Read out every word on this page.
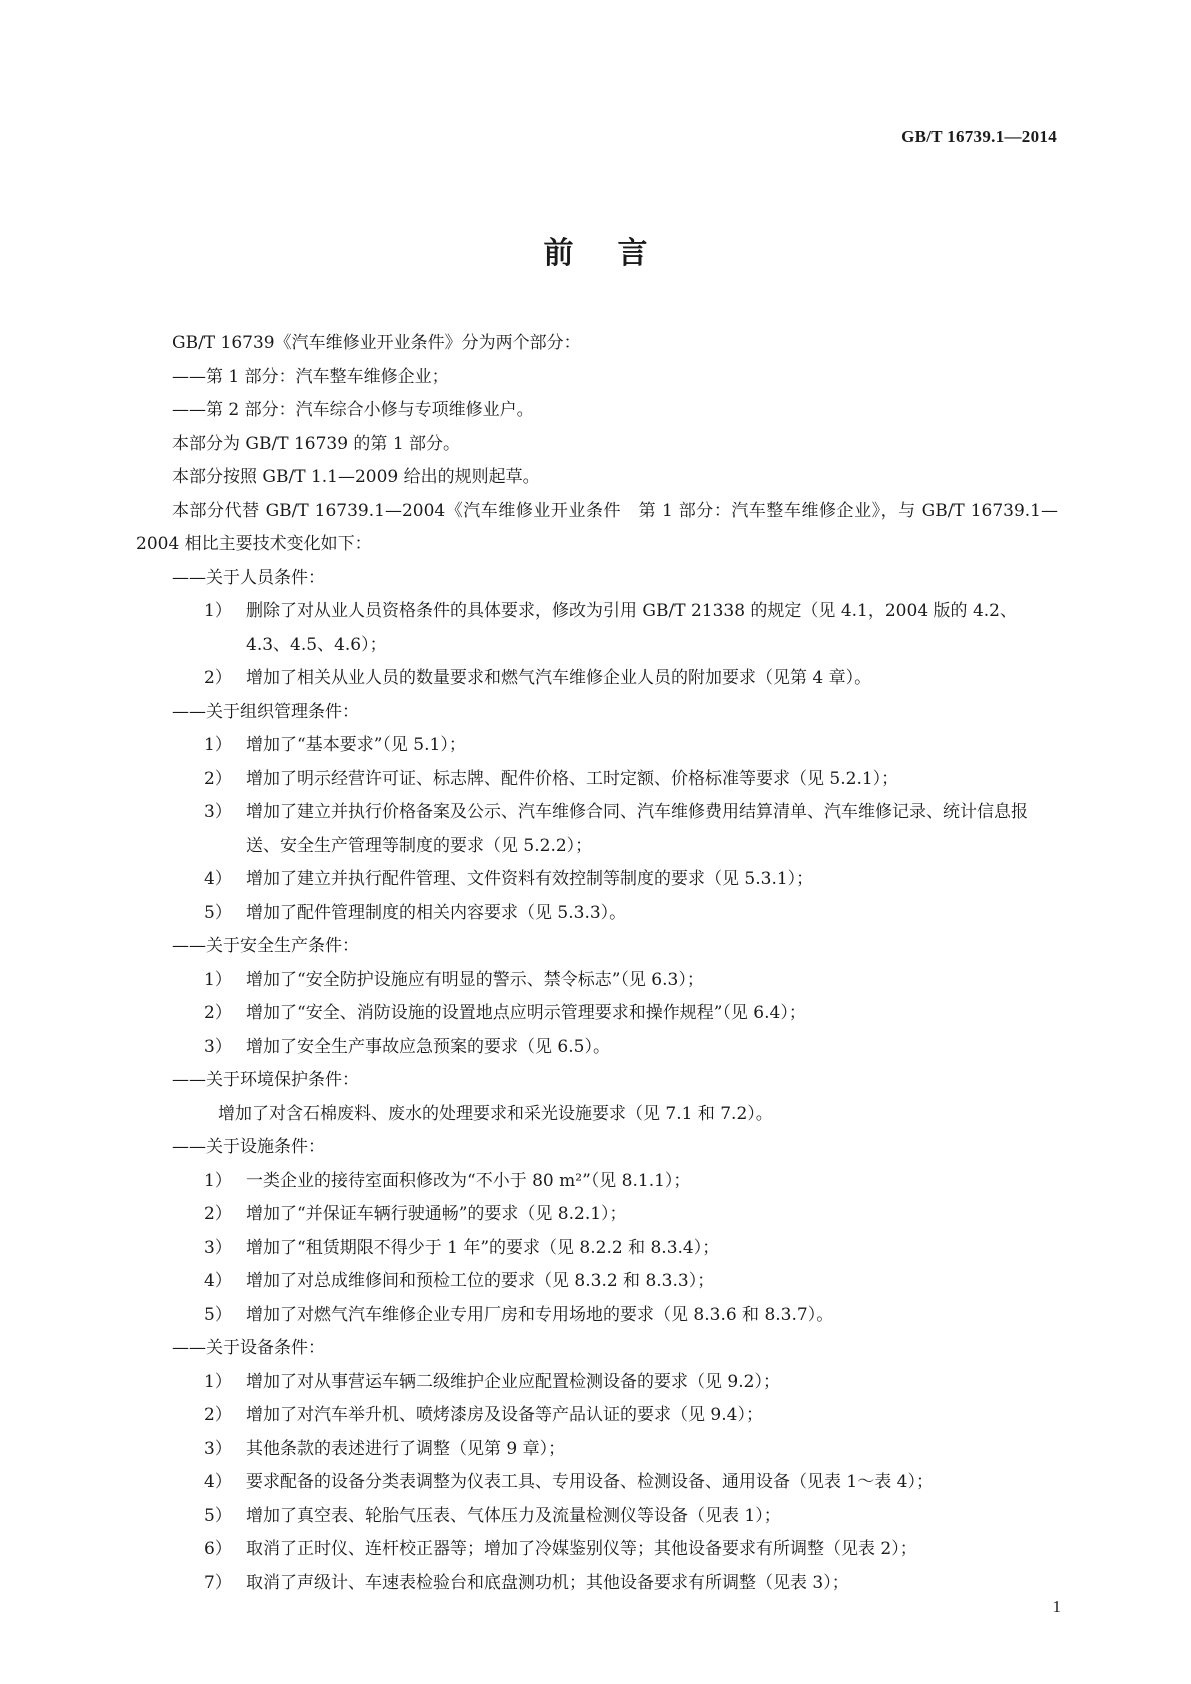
GB/T 16739.1—2014
前言

GB/T 16739《汽车维修业开业条件》分为两个部分：

——第 1 部分：汽车整车维修企业；

——第 2 部分：汽车综合小修与专项维修业户。

本部分为 GB/T 16739 的第 1 部分。

本部分按照 GB/T 1.1—2009 给出的规则起草。

本部分代替 GB/T 16739.1—2004《汽车维修业开业条件　第 1 部分：汽车整车维修企业》，与 GB/T 16739.1—2004 相比主要技术变化如下：

——关于人员条件：

1） 删除了对从业人员资格条件的具体要求，修改为引用 GB/T 21338 的规定（见 4.1，2004 版的 4.2、4.3、4.5、4.6）；

2） 增加了相关从业人员的数量要求和燃气汽车维修企业人员的附加要求（见第 4 章）。

——关于组织管理条件：

1） 增加了“基本要求”（见 5.1）；

2） 增加了明示经营许可证、标志牌、配件价格、工时定额、价格标准等要求（见 5.2.1）；

3） 增加了建立并执行价格备案及公示、汽车维修合同、汽车维修费用结算清单、汽车维修记录、统计信息报送、安全生产管理等制度的要求（见 5.2.2）；

4） 增加了建立并执行配件管理、文件资料有效控制等制度的要求（见 5.3.1）；

5） 增加了配件管理制度的相关内容要求（见 5.3.3）。

——关于安全生产条件：

1） 增加了“安全防护设施应有明显的警示、禁令标志”（见 6.3）；

2） 增加了“安全、消防设施的设置地点应明示管理要求和操作规程”（见 6.4）；

3） 增加了安全生产事故应急预案的要求（见 6.5）。

——关于环境保护条件：

增加了对含石棉废料、废水的处理要求和采光设施要求（见 7.1 和 7.2）。

——关于设施条件：

1） 一类企业的接待室面积修改为“不小于 80 m²”（见 8.1.1）；

2） 增加了“并保证车辆行驶通畅”的要求（见 8.2.1）；

3） 增加了“租赁期限不得少于 1 年”的要求（见 8.2.2 和 8.3.4）；

4） 增加了对总成维修间和预检工位的要求（见 8.3.2 和 8.3.3）；

5） 增加了对燃气汽车维修企业专用厂房和专用场地的要求（见 8.3.6 和 8.3.7）。

——关于设备条件：

1） 增加了对从事营运车辆二级维护企业应配置检测设备的要求（见 9.2）；

2） 增加了对汽车举升机、喷烤漆房及设备等产品认证的要求（见 9.4）；

3） 其他条款的表述进行了调整（见第 9 章）；

4） 要求配备的设备分类表调整为仪表工具、专用设备、检测设备、通用设备（见表 1～表 4）；

5） 增加了真空表、轮胎气压表、气体压力及流量检测仪等设备（见表 1）；

6） 取消了正时仪、连杆校正器等；增加了冷媒鉴别仪等；其他设备要求有所调整（见表 2）；

7） 取消了声级计、车速表检验台和底盘测功机；其他设备要求有所调整（见表 3）；

1
